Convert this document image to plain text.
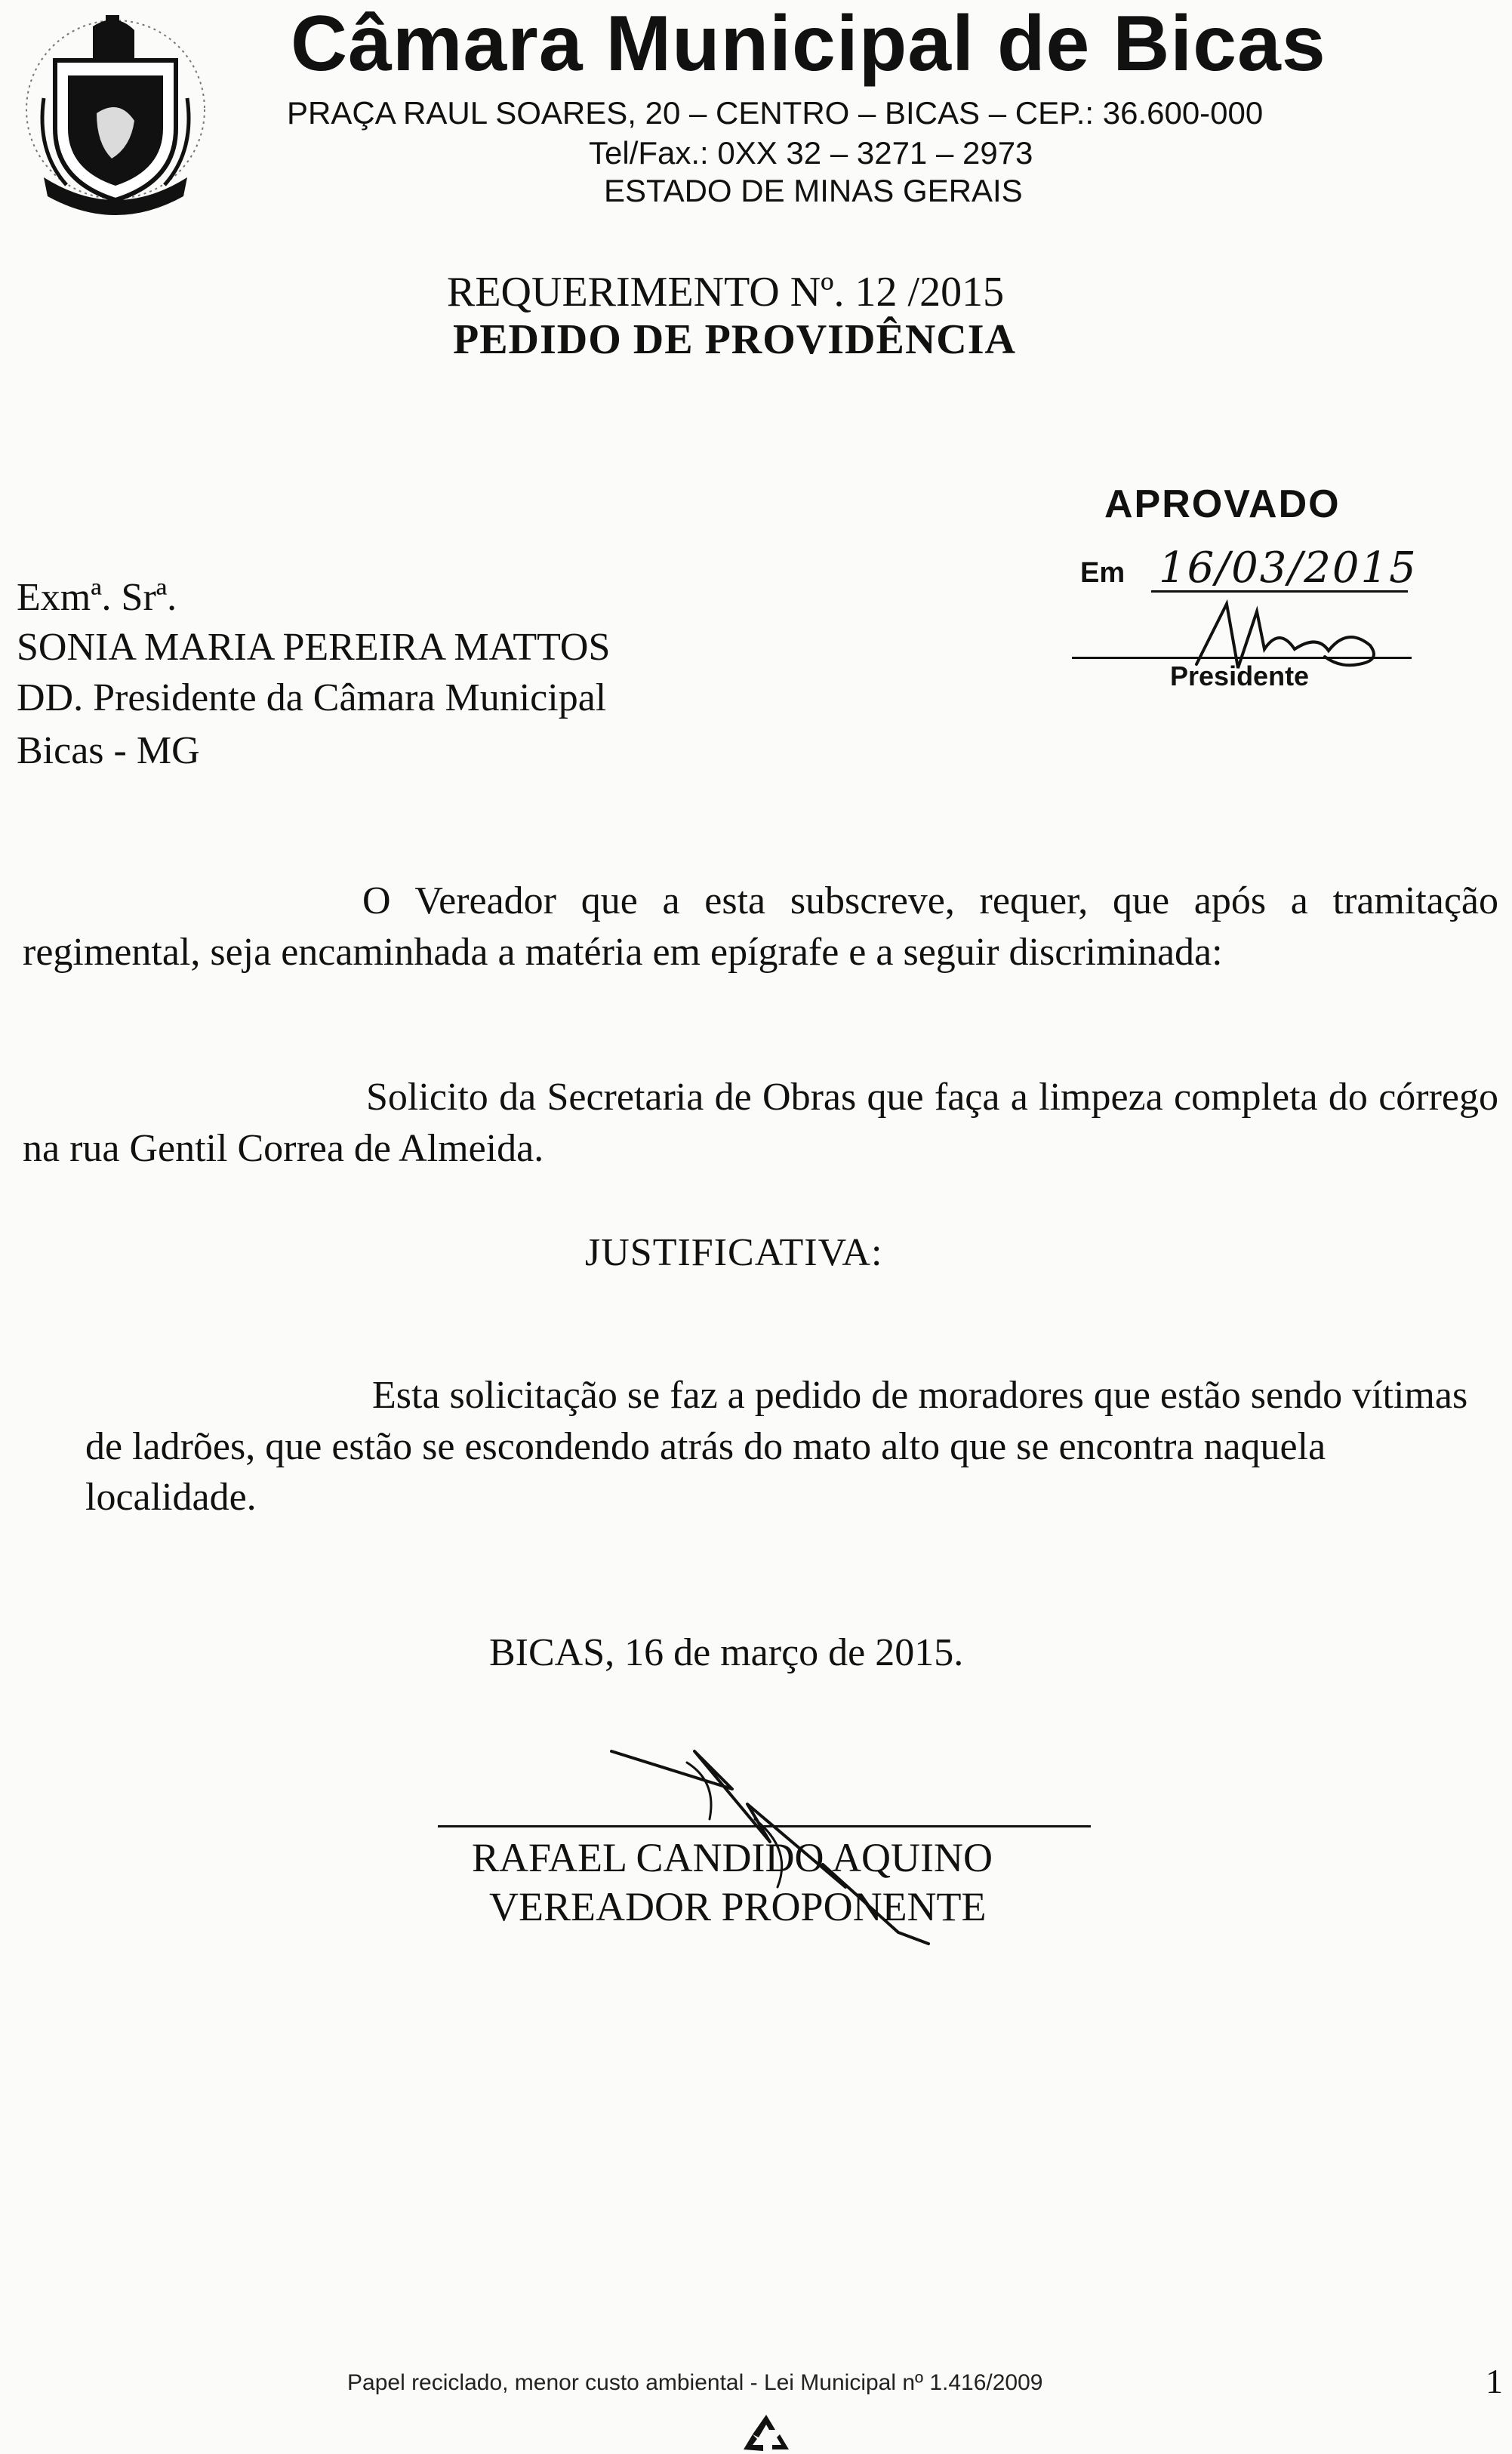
Câmara Municipal de Bicas
PRAÇA RAUL SOARES, 20 – CENTRO – BICAS – CEP.: 36.600-000
Tel/Fax.: 0XX 32 – 3271 – 2973
ESTADO DE MINAS GERAIS
REQUERIMENTO Nº. 12 /2015
PEDIDO DE PROVIDÊNCIA
APROVADO
Em 16/03/2015
Presidente
Exmª. Srª.
SONIA MARIA PEREIRA MATTOS
DD. Presidente da Câmara Municipal
Bicas - MG

O Vereador que a esta subscreve, requer, que após a tramitação regimental, seja encaminhada a matéria em epígrafe e a seguir discriminada:

Solicito da Secretaria de Obras que faça a limpeza completa do córrego na rua Gentil Correa de Almeida.

JUSTIFICATIVA:

Esta solicitação se faz a pedido de moradores que estão sendo vítimas de ladrões, que estão se escondendo atrás do mato alto que se encontra naquela localidade.

BICAS, 16 de março de 2015.
RAFAEL CANDIDO AQUINO
VEREADOR PROPONENTE
Papel reciclado, menor custo ambiental - Lei Municipal nº 1.416/2009	1
